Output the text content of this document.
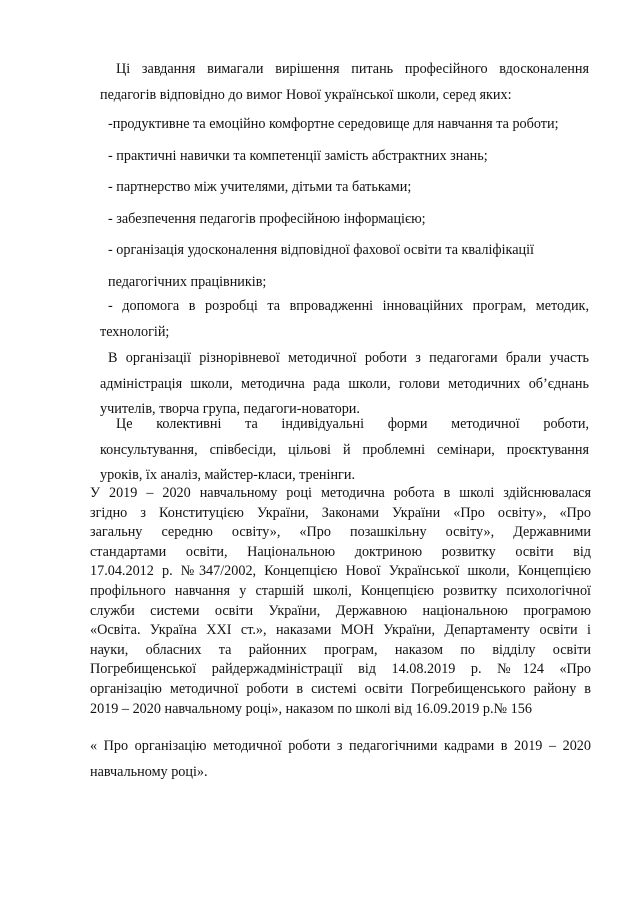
Ці завдання вимагали вирішення питань професійного вдосконалення
педагогів відповідно до вимог Нової української школи, серед яких:
-продуктивне та емоційно комфортне середовище для навчання та роботи;
- практичні навички та компетенції замість абстрактних знань;
- партнерство між учителями, дітьми та батьками;
- забезпечення педагогів професійною інформацією;
- організація удосконалення відповідної фахової освіти та кваліфікації
педагогічних працівників;
- допомога в розробці та впровадженні інноваційних програм, методик,
технологій;
В організації різнорівневої методичної роботи з педагогами брали участь
адміністрація школи, методична рада школи, голови методичних об’єднань
учителів, творча група, педагоги-новатори.
Це колективні та індивідуальні форми методичної роботи,
консультування, співбесіди, цільові й проблемні семінари, проєктування
уроків, їх аналіз, майстер-класи, тренінги.
У 2019 – 2020 навчальному році методична робота в школі здійснювалася
згідно з Конституцією України, Законами України «Про освіту», «Про
загальну середню освіту», «Про позашкільну освіту», Державними
стандартами освіти, Національною доктриною розвитку освіти від
17.04.2012 р. №347/2002, Концепцією Нової Української школи, Концепцією
профільного навчання у старшій школі, Концепцією розвитку психологічної
служби системи освіти України, Державною національною програмою
«Освіта. Україна XXI ст.», наказами МОН України, Департаменту освіти і
науки, обласних та районних програм, наказом по відділу освіти
Погребищенської райдержадміністрації від 14.08.2019 р. №124 «Про
організацію методичної роботи в системі освіти Погребищенського району в
2019 – 2020 навчальному році», наказом по школі від 16.09.2019 р.№ 156
« Про організацію методичної роботи з педагогічними кадрами в 2019 – 2020
навчальному році».
